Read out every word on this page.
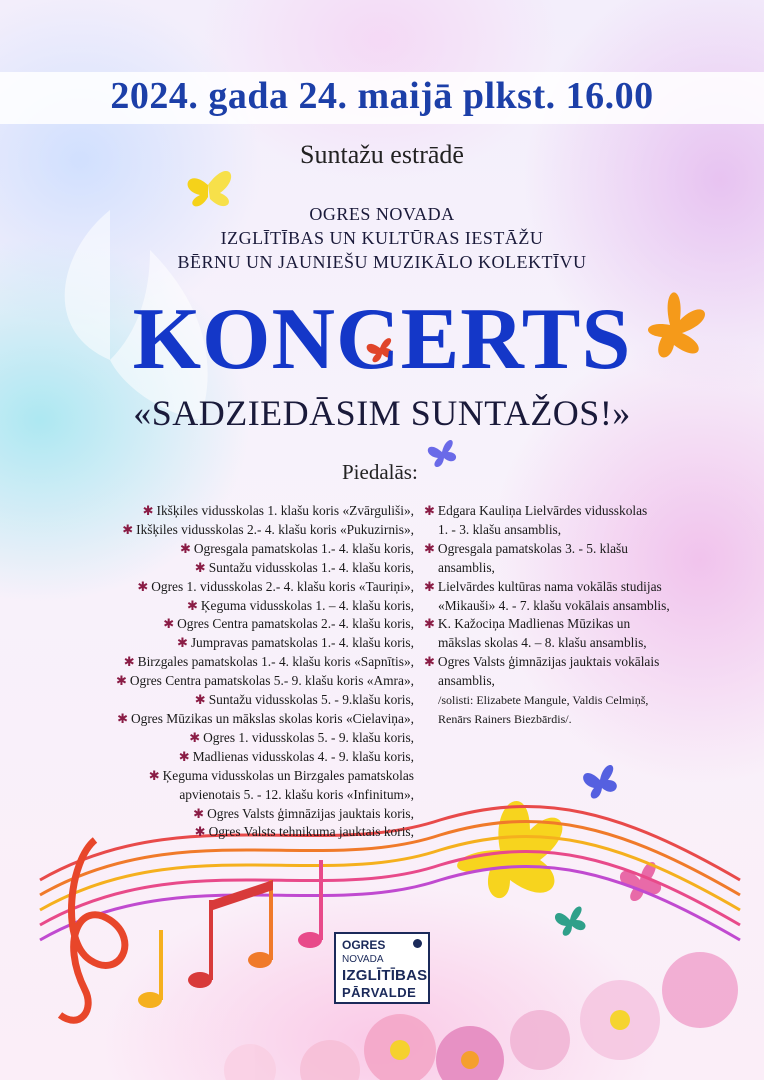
2024. gada 24. maijā plkst. 16.00

Suntažu estrādē

OGRES NOVADA
IZGLĪTĪBAS UN KULTŪRAS IESTĀŽU
BĒRNU UN JAUNIEŠU MUZIKĀLO KOLEKTĪVU
KONCERTS

«SADZIEDĀSIM SUNTAŽOS!»

Piedalās:

✱ Ikšķiles vidusskolas 1. klašu koris «Zvārguliši»,
✱ Ikšķiles vidusskolas 2.- 4. klašu koris «Pukuzirnis»,
✱ Ogresgala pamatskolas 1.- 4. klašu koris,
✱ Suntažu vidusskolas 1.- 4. klašu koris,
✱ Ogres 1. vidusskolas 2.- 4. klašu koris «Tauriņi»,
✱ Ķeguma vidusskolas 1. – 4. klašu koris,
✱ Ogres Centra pamatskolas 2.- 4. klašu koris,
✱ Jumpravas pamatskolas 1.- 4. klašu koris,
✱ Birzgales pamatskolas 1.- 4. klašu koris «Sapnītis»,
✱ Ogres Centra pamatskolas 5.- 9. klašu koris «Amra»,
✱ Suntažu vidusskolas 5. - 9.klašu koris,
✱ Ogres Mūzikas un mākslas skolas koris «Cielaviņa»,
✱ Ogres 1. vidusskolas 5. - 9. klašu koris,
✱ Madlienas vidusskolas 4. - 9. klašu koris,
✱ Ķeguma vidusskolas un Birzgales pamatskolas
apvienotais 5. - 12. klašu koris «Infinitum»,
✱ Ogres Valsts ģimnāzijas jauktais koris,
✱ Ogres Valsts tehnikuma jauktais koris,
✱ Edgara Kauliņa Lielvārdes vidusskolas
1. - 3. klašu ansamblis,
✱ Ogresgala pamatskolas 3. - 5. klašu
ansamblis,
✱ Lielvārdes kultūras nama vokālās studijas
«Mikauši» 4. - 7. klašu vokālais ansamblis,
✱ K. Kažociņa Madlienas Mūzikas un
mākslas skolas 4. – 8. klašu ansamblis,
✱ Ogres Valsts ģimnāzijas jauktais vokālais
ansamblis,
/solisti: Elizabete Mangule, Valdis Celmiņš,
Renārs Rainers Biezbārdis/.
OGRES
NOVADA
IZGLĪTĪBAS
PĀRVALDE
